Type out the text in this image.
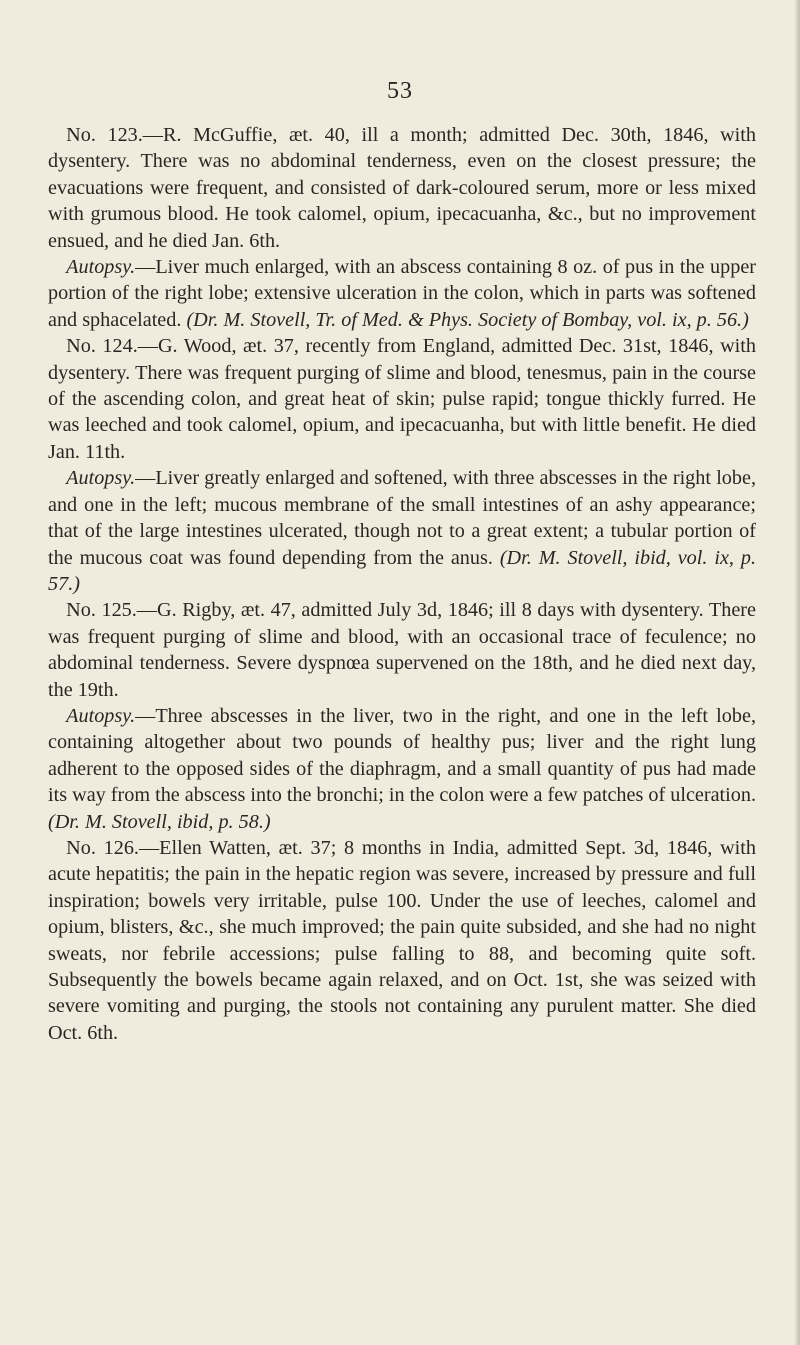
53

No. 123.—R. McGuffie, æt. 40, ill a month; admitted Dec. 30th, 1846, with dysentery. There was no abdominal tenderness, even on the closest pressure; the evacuations were frequent, and consisted of dark-coloured serum, more or less mixed with grumous blood. He took calomel, opium, ipecacuanha, &c., but no improvement ensued, and he died Jan. 6th.

Autopsy.—Liver much enlarged, with an abscess containing 8 oz. of pus in the upper portion of the right lobe; extensive ulceration in the colon, which in parts was softened and sphacelated. (Dr. M. Stovell, Tr. of Med. & Phys. Society of Bombay, vol. ix, p. 56.)

No. 124.—G. Wood, æt. 37, recently from England, admitted Dec. 31st, 1846, with dysentery. There was frequent purging of slime and blood, tenesmus, pain in the course of the ascending colon, and great heat of skin; pulse rapid; tongue thickly furred. He was leeched and took calomel, opium, and ipecacuanha, but with little benefit. He died Jan. 11th.

Autopsy.—Liver greatly enlarged and softened, with three abscesses in the right lobe, and one in the left; mucous membrane of the small intestines of an ashy appearance; that of the large intestines ulcerated, though not to a great extent; a tubular portion of the mucous coat was found depending from the anus. (Dr. M. Stovell, ibid, vol. ix, p. 57.)

No. 125.—G. Rigby, æt. 47, admitted July 3d, 1846; ill 8 days with dysentery. There was frequent purging of slime and blood, with an occasional trace of feculence; no abdominal tenderness. Severe dyspnœa supervened on the 18th, and he died next day, the 19th.

Autopsy.—Three abscesses in the liver, two in the right, and one in the left lobe, containing altogether about two pounds of healthy pus; liver and the right lung adherent to the opposed sides of the diaphragm, and a small quantity of pus had made its way from the abscess into the bronchi; in the colon were a few patches of ulceration. (Dr. M. Stovell, ibid, p. 58.)

No. 126.—Ellen Watten, æt. 37; 8 months in India, admitted Sept. 3d, 1846, with acute hepatitis; the pain in the hepatic region was severe, increased by pressure and full inspiration; bowels very irritable, pulse 100. Under the use of leeches, calomel and opium, blisters, &c., she much improved; the pain quite subsided, and she had no night sweats, nor febrile accessions; pulse falling to 88, and becoming quite soft. Subsequently the bowels became again relaxed, and on Oct. 1st, she was seized with severe vomiting and purging, the stools not containing any purulent matter. She died Oct. 6th.
